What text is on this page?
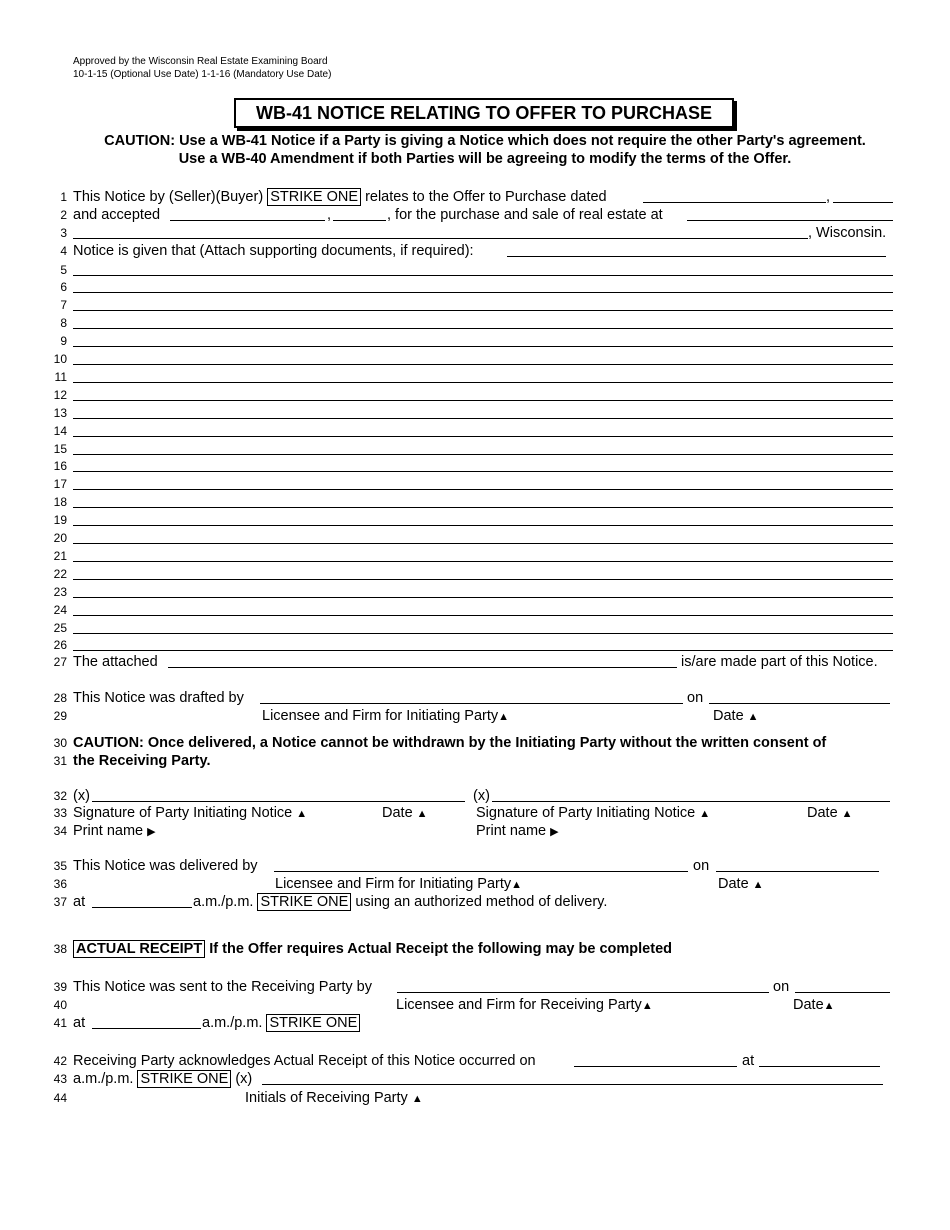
Approved by the Wisconsin Real Estate Examining Board
10-1-15 (Optional Use Date) 1-1-16 (Mandatory Use Date)
WB-41 NOTICE RELATING TO OFFER TO PURCHASE
CAUTION: Use a WB-41 Notice if a Party is giving a Notice which does not require the other Party's agreement.
Use a WB-40 Amendment if both Parties will be agreeing to modify the terms of the Offer.
1 This Notice by (Seller)(Buyer) STRIKE ONE relates to the Offer to Purchase dated	,
2 and accepted	,	, for the purchase and sale of real estate at
3	, Wisconsin.
4 Notice is given that (Attach supporting documents, if required):
5
6
7
8
9
10
11
12
13
14
15
16
17
18
19
20
21
22
23
24
25
26
27 The attached	is/are made part of this Notice.
28 This Notice was drafted by	on
29	Licensee and Firm for Initiating Party▲	Date ▲
30 CAUTION: Once delivered, a Notice cannot be withdrawn by the Initiating Party without the written consent of
31 the Receiving Party.
32 (x)	(x)
33 Signature of Party Initiating Notice ▲	Date ▲	Signature of Party Initiating Notice ▲	Date ▲
34 Print name ▶	Print name ▶
35 This Notice was delivered by	on
36	Licensee and Firm for Initiating Party▲	Date ▲
37 at	a.m./p.m. STRIKE ONE using an authorized method of delivery.
38 ACTUAL RECEIPT If the Offer requires Actual Receipt the following may be completed
39 This Notice was sent to the Receiving Party by	on
40	Licensee and Firm for Receiving Party▲	Date▲
41 at	a.m./p.m. STRIKE ONE
42 Receiving Party acknowledges Actual Receipt of this Notice occurred on	at
43 a.m./p.m. STRIKE ONE (x)
44	Initials of Receiving Party ▲
